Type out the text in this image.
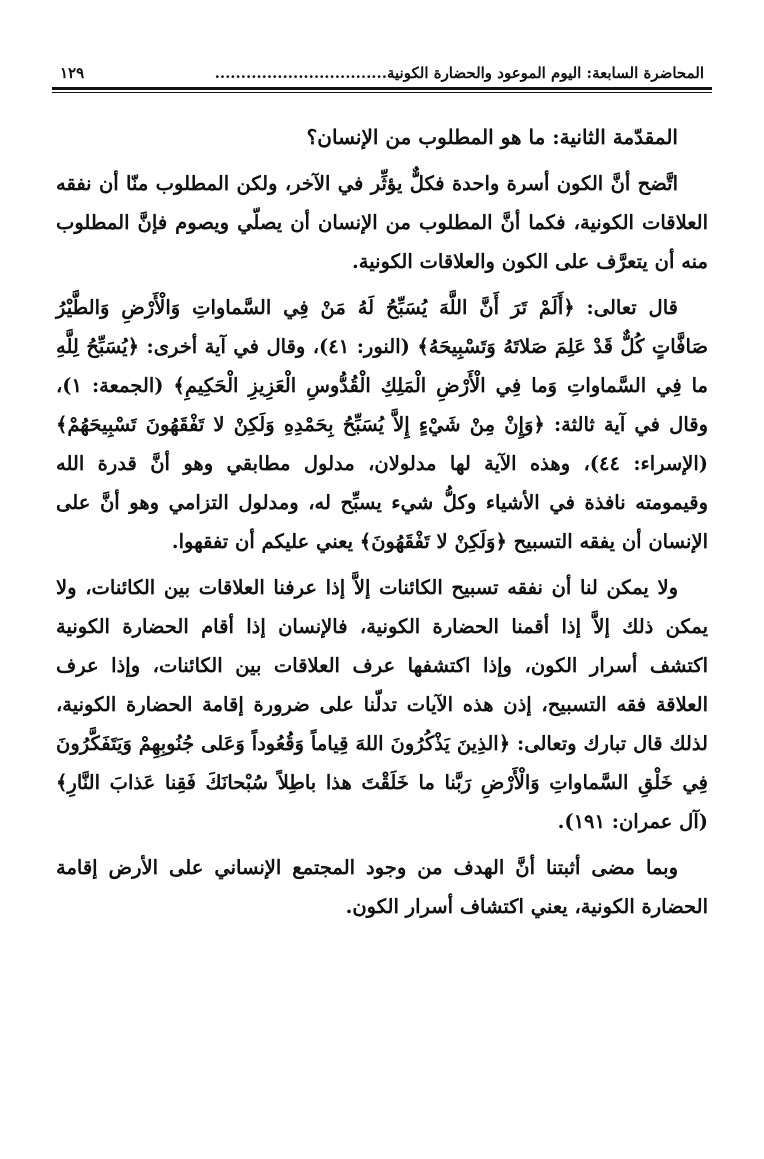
المحاضرة السابعة: اليوم الموعود والحضارة الكونية.................................
١٢٩

المقدّمة الثانية: ما هو المطلوب من الإنسان؟

اتَّضح أنَّ الكون أسرة واحدة فكلٌّ يؤثِّر في الآخر، ولكن المطلوب منّا أن نفقه العلاقات الكونية، فكما أنَّ المطلوب من الإنسان أن يصلّي ويصوم فإنَّ المطلوب منه أن يتعرَّف على الكون والعلاقات الكونية.

قال تعالى: ﴿أَلَمْ تَرَ أَنَّ اللَّهَ يُسَبِّحُ لَهُ مَنْ فِي السَّماواتِ وَالْأَرْضِ وَالطَّيْرُ صَافَّاتٍ كُلٌّ قَدْ عَلِمَ صَلاتَهُ وَتَسْبِيحَهُ﴾ (النور: ٤١)، وقال في آية أخرى: ﴿يُسَبِّحُ لِلَّهِ ما فِي السَّماواتِ وَما فِي الْأَرْضِ الْمَلِكِ الْقُدُّوسِ الْعَزِيزِ الْحَكِيمِ﴾ (الجمعة: ١)، وقال في آية ثالثة: ﴿وَإِنْ مِنْ شَيْءٍ إِلاَّ يُسَبِّحُ بِحَمْدِهِ وَلَكِنْ لا تَفْقَهُونَ تَسْبِيحَهُمْ﴾ (الإسراء: ٤٤)، وهذه الآية لها مدلولان، مدلول مطابقي وهو أنَّ قدرة الله وقيمومته نافذة في الأشياء وكلُّ شيء يسبِّح له، ومدلول التزامي وهو أنَّ على الإنسان أن يفقه التسبيح ﴿وَلَكِنْ لا تَفْقَهُونَ﴾ يعني عليكم أن تفقهوا.

ولا يمكن لنا أن نفقه تسبيح الكائنات إلاَّ إذا عرفنا العلاقات بين الكائنات، ولا يمكن ذلك إلاَّ إذا أقمنا الحضارة الكونية، فالإنسان إذا أقام الحضارة الكونية اكتشف أسرار الكون، وإذا اكتشفها عرف العلاقات بين الكائنات، وإذا عرف العلاقة فقه التسبيح، إذن هذه الآيات تدلّنا على ضرورة إقامة الحضارة الكونية، لذلك قال تبارك وتعالى: ﴿الذِينَ يَذْكُرُونَ اللهَ قِياماً وَقُعُوداً وَعَلى جُنُوبِهِمْ وَيَتَفَكَّرُونَ فِي خَلْقِ السَّماواتِ وَالْأَرْضِ رَبَّنا ما خَلَقْتَ هذا باطِلاً سُبْحانَكَ فَقِنا عَذابَ النَّارِ﴾ (آل عمران: ١٩١).

وبما مضى أثبتنا أنَّ الهدف من وجود المجتمع الإنساني على الأرض إقامة الحضارة الكونية، يعني اكتشاف أسرار الكون.
